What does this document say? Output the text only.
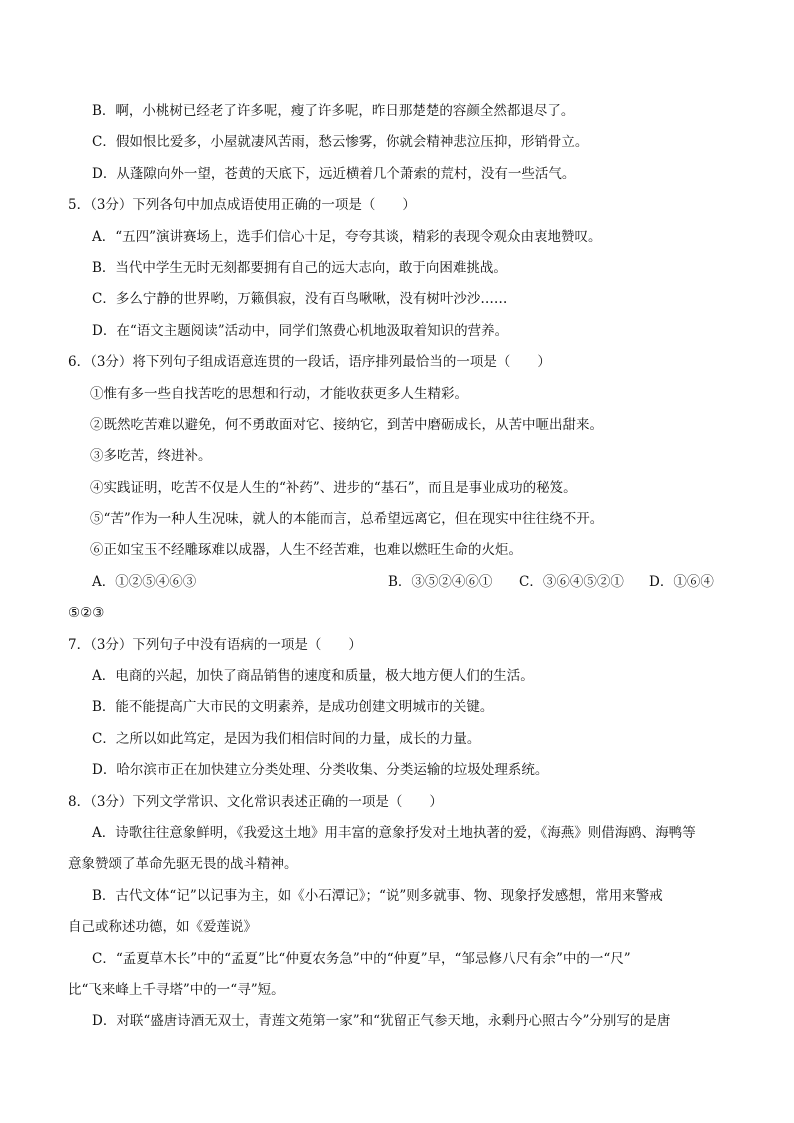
B．啊，小桃树已经老了许多呢，瘦了许多呢，昨日那楚楚的容颜全然都退尽了。
C．假如恨比爱多，小屋就凄风苦雨，愁云惨雾，你就会精神悲泣压抑，形销骨立。
D．从蓬隙向外一望，苍黄的天底下，远近横着几个萧索的荒村，没有一些活气。
5．（3分）下列各句中加点成语使用正确的一项是（　　）
A．“五四”演讲赛场上，选手们信心十足，夸夸其谈，精彩的表现令观众由衷地赞叹。
B．当代中学生无时无刻都要拥有自己的远大志向，敢于向困难挑战。
C．多么宁静的世界哟，万籁俱寂，没有百鸟啾啾，没有树叶沙沙……
D．在“语文主题阅读”活动中，同学们煞费心机地汲取着知识的营养。
6．（3分）将下列句子组成语意连贯的一段话，语序排列最恰当的一项是（　　）
①惟有多一些自找苦吃的思想和行动，才能收获更多人生精彩。
②既然吃苦难以避免，何不勇敢面对它、接纳它，到苦中磨砺成长，从苦中咂出甜来。
③多吃苦，终进补。
④实践证明，吃苦不仅是人生的“补药”、进步的“基石”，而且是事业成功的秘笈。
⑤“苦”作为一种人生况味，就人的本能而言，总希望远离它，但在现实中往往绕不开。
⑥正如宝玉不经雕琢难以成器，人生不经苦难，也难以燃旺生命的火炬。
A．①②⑤④⑥③	B．③⑤②④⑥①	C．③⑥④⑤②①	D．①⑥④
⑤②③
7．（3分）下列句子中没有语病的一项是（　　）
A．电商的兴起，加快了商品销售的速度和质量，极大地方便人们的生活。
B．能不能提高广大市民的文明素养，是成功创建文明城市的关键。
C．之所以如此笃定，是因为我们相信时间的力量，成长的力量。
D．哈尔滨市正在加快建立分类处理、分类收集、分类运输的垃圾处理系统。
8．（3分）下列文学常识、文化常识表述正确的一项是（　　）
A．诗歌往往意象鲜明，《我爱这土地》用丰富的意象抒发对土地执著的爱，《海燕》则借海鸥、海鸭等
意象赞颂了革命先驱无畏的战斗精神。
B．古代文体“记”以记事为主，如《小石潭记》；“说”则多就事、物、现象抒发感想，常用来警戒
自己或称述功德，如《爱莲说》
C．“孟夏草木长”中的“孟夏”比“仲夏农务急”中的“仲夏”早，“邹忌修八尺有余”中的一“尺”
比“飞来峰上千寻塔”中的一“寻”短。
D．对联“盛唐诗酒无双士，青莲文苑第一家”和“犹留正气参天地，永剩丹心照古今”分别写的是唐
